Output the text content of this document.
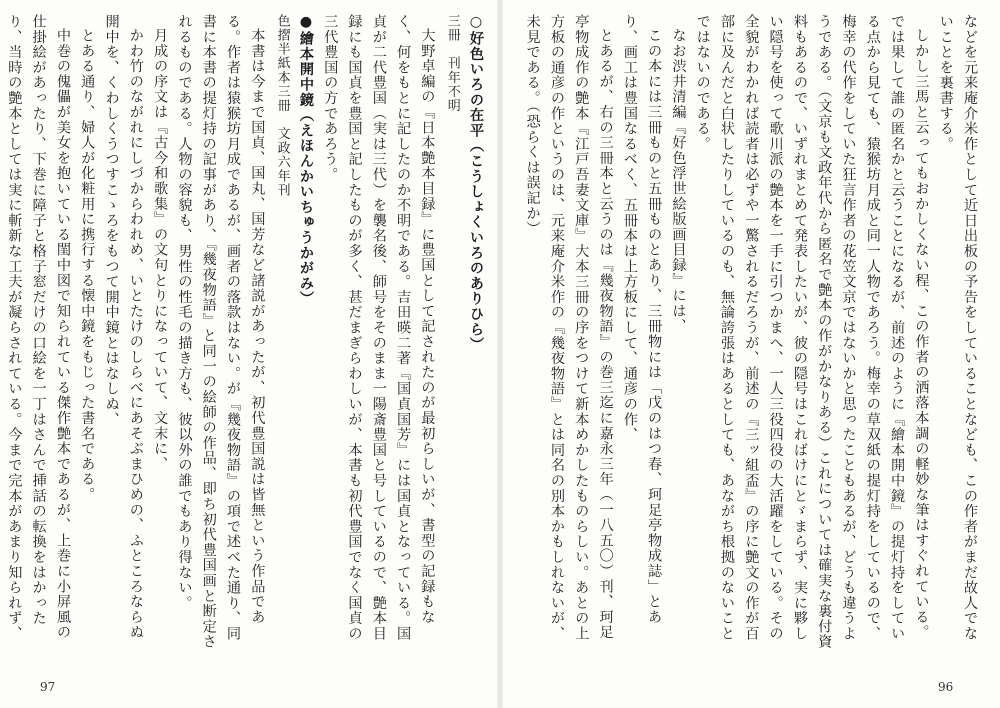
などを元来庵介米作として近日出板の予告をしていることなども、この作者がまだ故人でないことを裏書する。

しかし三馬と云ってもおかしくない程、この作者の洒落本調の軽妙な筆はすぐれている。では果して誰の匿名かと云うことになるが、前述のように『繪本開中鏡』の提灯持をしている点から見ても、猿猴坊月成と同一人物であろう。梅幸の草双紙の提灯持をしているので、梅幸の代作をしていた狂言作者の花笠文京ではないかと思ったこともあるが、どうも違うようである。（文京も文政年代から匿名で艶本の作がかなりある）これについては確実な裏付資料もあるので、いずれまとめて発表したいが、彼の隠号はこればけにとゞまらず、実に夥しい隠号を使って歌川派の艶本を一手に引つかまへ、一人三役四役の大活躍をしている。その全貌がわかれば読者は必ずや一驚されるだろうが、前述の『三ッ組盃』の序に艶文の作が百部に及んだと白状したりしているのも、無論誇張はあるとしても、あながち根拠のないことではないのである。

なお渋井清編『好色浮世絵版画目録』には、

この本には三冊ものと五冊ものとあり、三冊物には「戊のはつ春、珂足亭物成誌」とあり、画工は豊国なるべく、五冊本は上方板にして、通彦の作、

とあるが、右の三冊本と云うのは『幾夜物語』の巻三迄に嘉永三年（一八五〇）刊、珂足亭物成作の艶本『江戸吾妻文庫』大本三冊の序をつけて新本めかしたものらしい。あとの上方板の通彦の作というのは、元来庵介米作の『幾夜物語』とは同名の別本かもしれないが、未見である。（恐らくは誤記か）

○好色いろの在平（こうしょくいろのありひら）

三冊　刊年不明

大野卓編の『日本艶本目録』に豊国として記されたのが最初らしいが、書型の記録もなく、何をもとに記したのか不明である。吉田暎二著『国貞国芳』には国貞となっている。国貞が二代豊国（実は三代）を襲名後、師号をそのまま一陽斎豊国と号しているので、艶本目録にも国貞を豊国と記したものが多く、甚だまぎらわしいが、本書も初代豊国でなく国貞の三代豊国の方であろう。

●繪本開中鏡（えほんかいちゅうかがみ）

色摺半紙本三冊　文政六年刊

本書は今まで国貞、国丸、国芳など諸説があったが、初代豊国説は皆無という作品である。作者は猿猴坊月成であるが、画者の落款はない。が『幾夜物語』の項で述べた通り、同書に本書の提灯持の記事があり、『幾夜物語』と同一の絵師の作品、即ち初代豊国画と断定されるものである。人物の容貌も、男性の性毛の描き方も、彼以外の誰でもあり得ない。

月成の序文は『古今和歌集』の文句とりになっていて、文末に、

かわ竹のながれにしづからわれめ、いとたけのしらべにあそぶまひめの、ふところならぬ開中を、くわしくうつすこゝろをもつて開中鏡とはなしぬ、

とある通り、婦人が化粧用に携行する懐中鏡をもじった書名である。

中巻の傀儡が美女を抱いている閨中図で知られている傑作艶本であるが、上巻に小屏風の仕掛絵があったり、下巻に障子と格子窓だけの口絵を一丁はさんで挿話の転換をはかったり、当時の艶本としては実に斬新な工夫が凝らされている。今まで完本があまり知られず、

97	96
